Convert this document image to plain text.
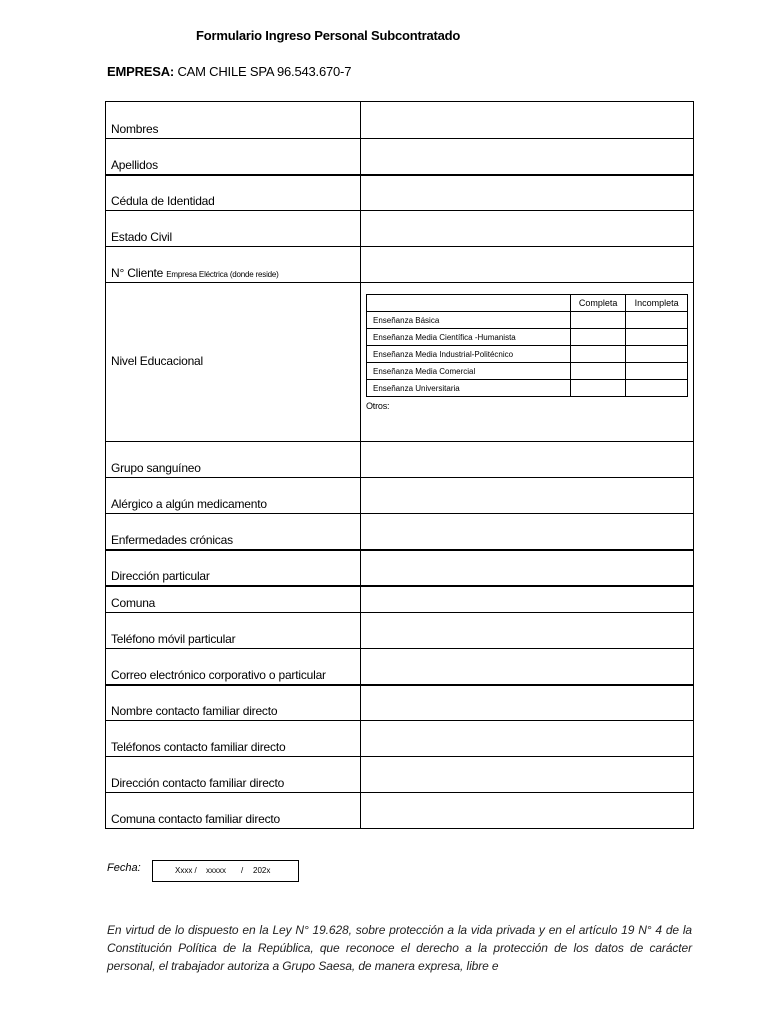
Formulario Ingreso Personal Subcontratado
EMPRESA: CAM CHILE SPA 96.543.670-7
Nombres	
Apellidos	
Cédula de Identidad	
Estado Civil	
N° Cliente Empresa Eléctrica (donde reside)	
Nivel Educacional	
	Completa	Incompleta
Enseñanza Básica		
Enseñanza Media Científica -Humanista		
Enseñanza Media Industrial-Politécnico		
Enseñanza Media Comercial		
Enseñanza Universitaria		
Otros:

Grupo sanguíneo	
Alérgico a algún medicamento	
Enfermedades crónicas	
Dirección particular	
Comuna	
Teléfono móvil particular	
Correo electrónico corporativo o particular	
Nombre contacto familiar directo	
Teléfonos contacto familiar directo	
Dirección contacto familiar directo	
Comuna contacto familiar directo	
Fecha:	Xxxx / xxxxx / 202x
En virtud de lo dispuesto en la Ley N° 19.628, sobre protección a la vida privada y en el artículo 19 N° 4 de la Constitución Política de la República, que reconoce el derecho a la protección de los datos de carácter personal, el trabajador autoriza a Grupo Saesa, de manera expresa, libre e
